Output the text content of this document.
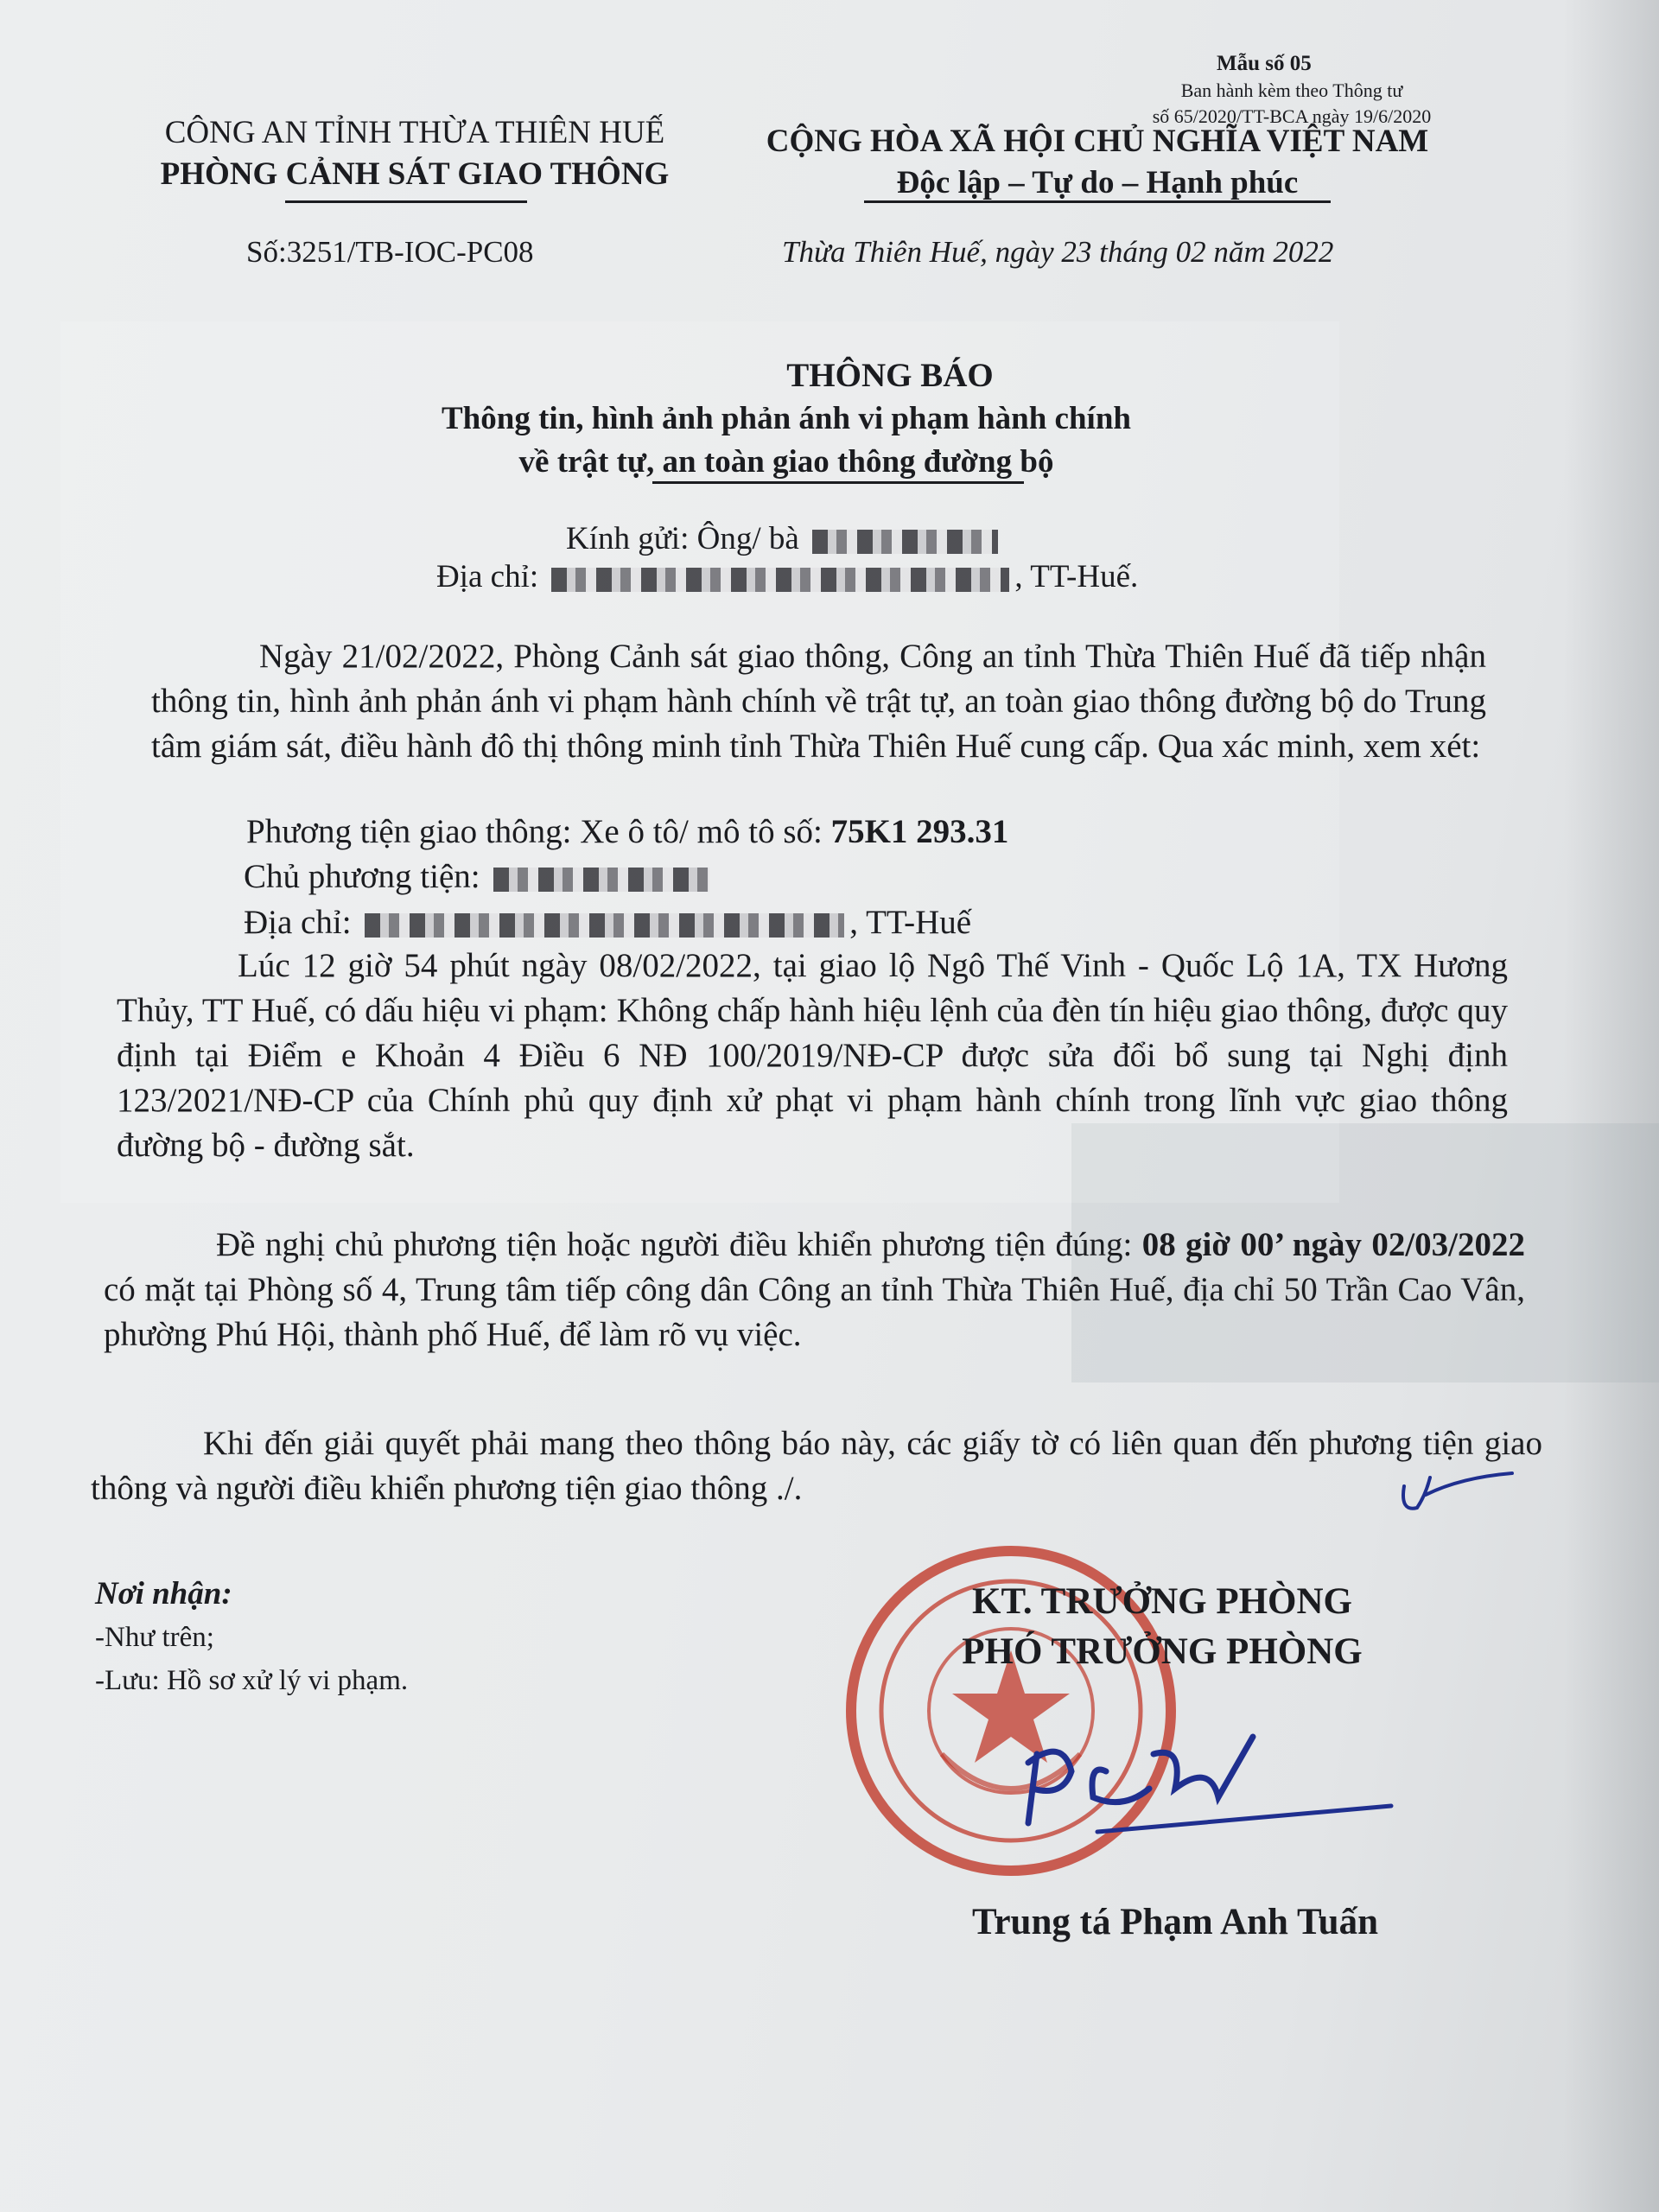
Mẫu số 05
Ban hành kèm theo Thông tư
số 65/2020/TT-BCA ngày 19/6/2020
CÔNG AN TỈNH THỪA THIÊN HUẾ
PHÒNG CẢNH SÁT GIAO THÔNG
CỘNG HÒA XÃ HỘI CHỦ NGHĨA VIỆT NAM
Độc lập – Tự do – Hạnh phúc
Số:3251/TB-IOC-PC08	Thừa Thiên Huế, ngày 23 tháng 02 năm 2022
THÔNG BÁO
Thông tin, hình ảnh phản ánh vi phạm hành chính
về trật tự, an toàn giao thông đường bộ
Kính gửi: Ông/ bà
Địa chỉ:	, TT-Huế.
Ngày 21/02/2022, Phòng Cảnh sát giao thông, Công an tỉnh Thừa Thiên Huế đã tiếp nhận thông tin, hình ảnh phản ánh vi phạm hành chính về trật tự, an toàn giao thông đường bộ do Trung tâm giám sát, điều hành đô thị thông minh tỉnh Thừa Thiên Huế cung cấp. Qua xác minh, xem xét:
Phương tiện giao thông: Xe ô tô/ mô tô số: 75K1 293.31
Chủ phương tiện:
Địa chỉ:	, TT-Huế
Lúc 12 giờ 54 phút ngày 08/02/2022, tại giao lộ Ngô Thế Vinh - Quốc Lộ 1A, TX Hương Thủy, TT Huế, có dấu hiệu vi phạm: Không chấp hành hiệu lệnh của đèn tín hiệu giao thông, được quy định tại Điểm e Khoản 4 Điều 6 NĐ 100/2019/NĐ-CP được sửa đổi bổ sung tại Nghị định 123/2021/NĐ-CP của Chính phủ quy định xử phạt vi phạm hành chính trong lĩnh vực giao thông đường bộ - đường sắt.
Đề nghị chủ phương tiện hoặc người điều khiển phương tiện đúng: 08 giờ 00’ ngày 02/03/2022 có mặt tại Phòng số 4, Trung tâm tiếp công dân Công an tỉnh Thừa Thiên Huế, địa chỉ 50 Trần Cao Vân, phường Phú Hội, thành phố Huế, để làm rõ vụ việc.
Khi đến giải quyết phải mang theo thông báo này, các giấy tờ có liên quan đến phương tiện giao thông và người điều khiển phương tiện giao thông ./.
Nơi nhận:
-Như trên;
-Lưu: Hồ sơ xử lý vi phạm.
KT. TRƯỞNG PHÒNG
PHÓ TRƯỞNG PHÒNG
Trung tá Phạm Anh Tuấn
